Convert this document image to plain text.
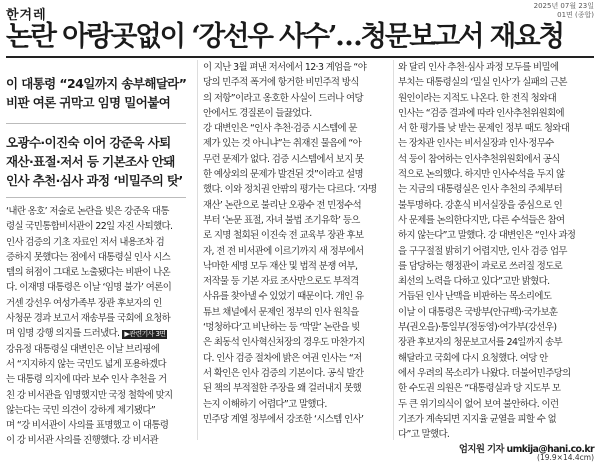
한겨레
2025년 07월 23일
01면 (종합)
논란 아랑곳없이 ‘강선우 사수’…청문보고서 재요청
이 대통령 “24일까지 송부해달라”
비판 여론 귀막고 임명 밀어붙여
오광수·이진숙 이어 강준욱 사퇴
재산·표절·저서 등 기본조사 안돼
인사 추천·심사 과정 ‘비밀주의 탓’
‘내란 옹호’ 저술로 논란을 빚은 강준욱 대통
령실 국민통합비서관이 22일 자진 사퇴했다.
인사 검증의 기초 자료인 저서 내용조차 검
증하지 못했다는 점에서 대통령실 인사 시스
템의 허점이 그대로 노출됐다는 비판이 나온
다. 이재명 대통령은 이날 ‘임명 불가’ 여론이
거센 강선우 여성가족부 장관 후보자의 인
사청문 경과 보고서 재송부를 국회에 요청하
며 임명 강행 의지를 드러냈다. ▶관련기사 3면
강유정 대통령실 대변인은 이날 브리핑에
서 “지지하지 않는 국민도 넓게 포용하겠다
는 대통령 의지에 따라 보수 인사 추천을 거
친 강 비서관을 임명했지만 국정 철학에 맞지
않는다는 국민 의견이 강하게 제기됐다”
며 “강 비서관이 사의를 표명했고 이 대통령
이 강 비서관 사의를 진행했다. 강 비서관
이 지난 3월 펴낸 저서에서 12·3 계엄을 “야
당의 민주적 폭거에 항거한 비민주적 방식
의 저항”이라고 옹호한 사실이 드러나 여당
안에서도 경질론이 들끓었다.
강 대변인은 “인사 추천·검증 시스템에 문
제가 있는 것 아니냐”는 취재진 물음에 “아
무런 문제가 없다. 검증 시스템에서 보지 못
한 예상외의 문제가 발견된 것”이라고 설명
했다. 이와 정치권 안팎의 평가는 다르다. ‘자명
재산’ 논란으로 불리난 오광수 전 민정수석
부터 ‘논문 표절, 자녀 불법 조기유학’ 등으
로 지명 철회된 이진숙 전 교육부 장관 후보
자, 전 전 비서관에 이르기까지 새 정부에서
낙마한 세명 모두 재산 및 법적 분쟁 여부,
저작물 등 기본 자료 조사만으로도 부적격
사유를 찾아낼 수 있었기 때문이다. 개인 유
튜브 채널에서 문제인 정부의 인사 원칙을
‘멍청하다’고 비난하는 등 ‘막말’ 논란을 빚
은 최동석 인사혁신처장의 경우도 마찬가지
다. 인사 검증 절차에 밝은 여권 인사는 “저
서 확인은 인사 검증의 기본이다. 공식 발간
된 책의 부적절한 주장을 왜 걸러내지 못했
는지 이해하기 어렵다”고 말했다.
민주당 계열 정부에서 강조한 ‘시스템 인사’
와 달리 인사 추천·심사 과정 모두를 비밀에
부치는 대통령실의 ‘밀실 인사’가 실패의 근본
원인이라는 지적도 나온다. 한 전직 청와대
인사는 “검증 결과에 따라 인사추천위원회에
서 한 평가를 낮 받는 문제인 정부 때도 청와대
는 장차관 인사는 비서실장과 인사·정무수
석 등이 참여하는 인사추천위원회에서 공식
적으로 논의했다. 하지만 인사수석을 두지 않
는 지금의 대통령실은 인사 추천의 주체부터
불투명하다. 강훈식 비서실장을 중심으로 인
사 문제를 논의한다지만, 다른 수석들은 참여
하지 않는다”고 말했다. 강 대변인은 “인사 과정
을 구구절절 밝히기 어렵지만, 인사 검증 업무
를 담당하는 행정관이 과로로 쓰러질 정도로
최선의 노력을 다하고 있다”고만 밝혔다.
거듭된 인사 난맥을 비판하는 목소리에도
이날 이 대통령은 국방부(안규백)·국가보훈
부(권오을)·통일부(정동영)·여가부(강선우)
장관 후보자의 청문보고서를 24일까지 송부
해달라고 국회에 다시 요청했다. 여당 안
에서 우려의 목소리가 나왔다. 더불어민주당의
한 수도권 의원은 “대통령실과 당 지도부 모
두 큰 위기의식이 없어 보여 불안하다. 이런
기조가 계속되면 지지율 균열을 피할 수 없
다”고 말했다.
엄지원 기자 umkija@hani.co.kr
(19.9×14.4cm)
